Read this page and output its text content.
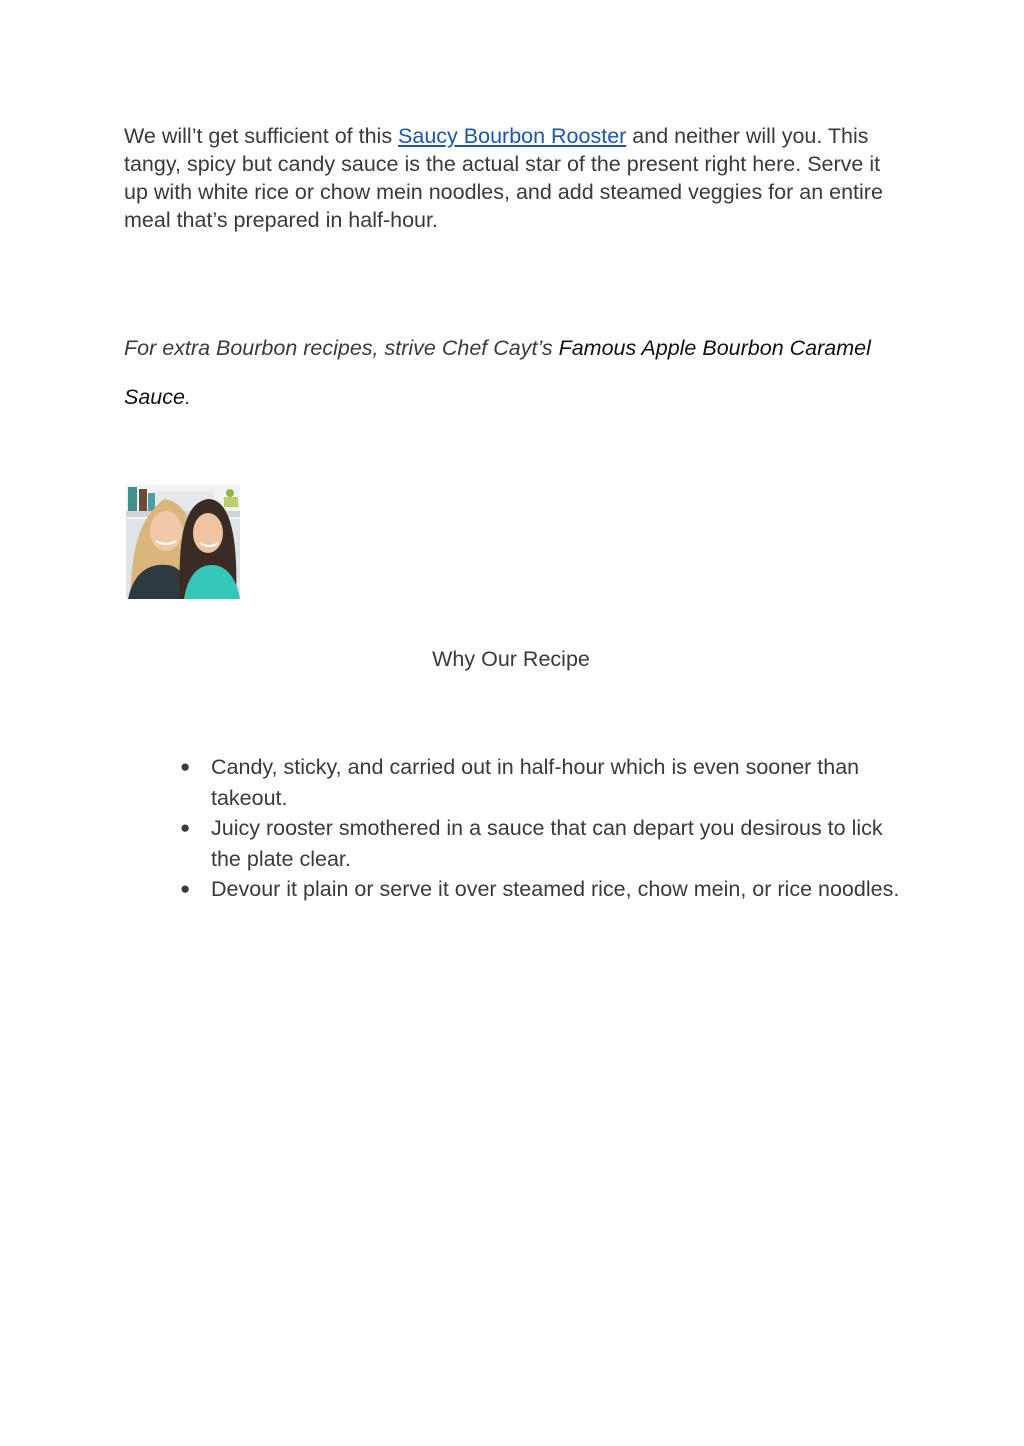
We will’t get sufficient of this Saucy Bourbon Rooster and neither will you. This tangy, spicy but candy sauce is the actual star of the present right here. Serve it up with white rice or chow mein noodles, and add steamed veggies for an entire meal that’s prepared in half-hour.

For extra Bourbon recipes, strive Chef Cayt’s Famous Apple Bourbon Caramel Sauce.

Why Our Recipe
● Candy, sticky, and carried out in half-hour which is even sooner than takeout.
● Juicy rooster smothered in a sauce that can depart you desirous to lick the plate clear.
● Devour it plain or serve it over steamed rice, chow mein, or rice noodles.
